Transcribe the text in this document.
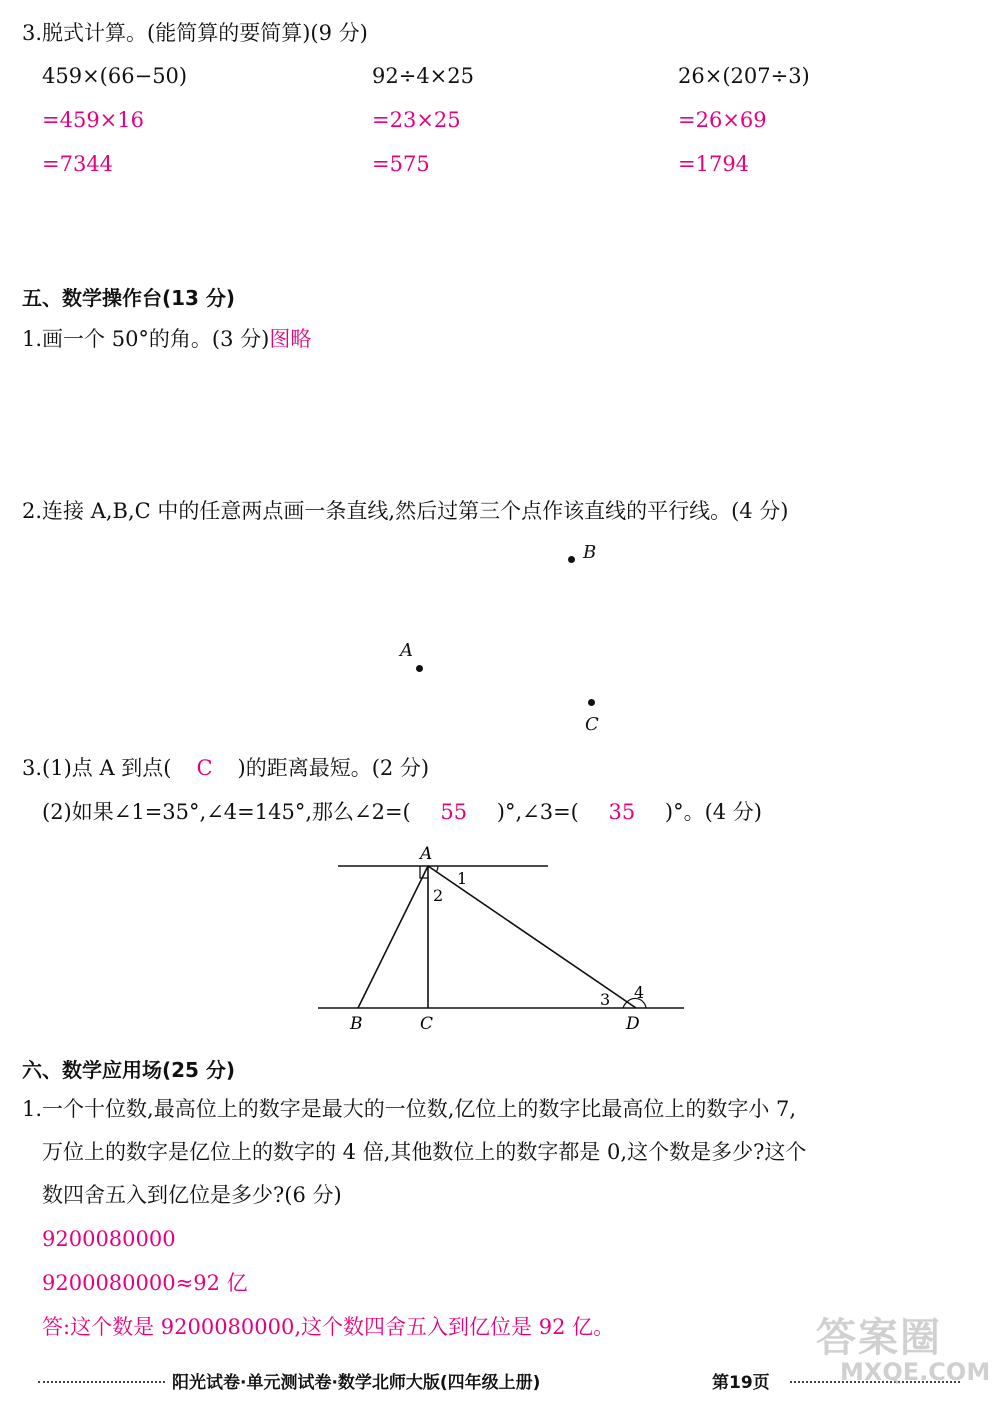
3.脱式计算。(能简算的要简算)(9 分)
459×(66−50)
=459×16
=7344
92÷4×25
=23×25
=575
26×(207÷3)
=26×69
=1794
五、数学操作台(13 分)
1.画一个 50°的角。(3 分)图略
2.连接 A,B,C 中的任意两点画一条直线,然后过第三个点作该直线的平行线。(4 分)
B
A
C
3.(1)点 A 到点( C )的距离最短。(2 分)
(2)如果∠1=35°,∠4=145°,那么∠2=( 55 )°,∠3=( 35 )°。(4 分)
A
1
2
3 4
B	C	D
六、数学应用场(25 分)
1.一个十位数,最高位上的数字是最大的一位数,亿位上的数字比最高位上的数字小 7,
万位上的数字是亿位上的数字的 4 倍,其他数位上的数字都是 0,这个数是多少?这个
数四舍五入到亿位是多少?(6 分)
9200080000
9200080000≈92 亿
答:这个数是 9200080000,这个数四舍五入到亿位是 92 亿。
阳光试卷·单元测试卷·数学北师大版(四年级上册)	第19页
答案圈
MXQE.COM
